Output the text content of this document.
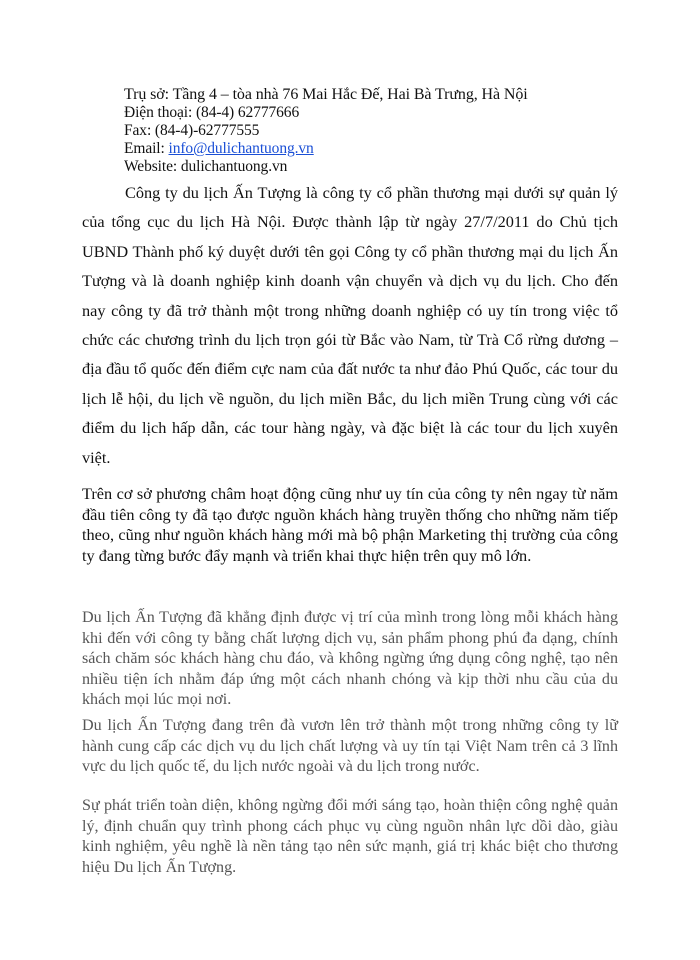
Trụ sở: Tầng 4 – tòa nhà 76 Mai Hắc Đế, Hai Bà Trưng, Hà Nội
Điện thoại: (84-4) 62777666
Fax: (84-4)-62777555
Email: info@dulichantuong.vn
Website: dulichantuong.vn

Công ty du lịch Ấn Tượng là công ty cổ phần thương mại dưới sự quản lý của tổng cục du lịch Hà Nội. Được thành lập từ ngày 27/7/2011 do Chủ tịch UBND Thành phố ký duyệt dưới tên gọi Công ty cổ phần thương mại du lịch Ấn Tượng và là doanh nghiệp kinh doanh vận chuyển và dịch vụ du lịch. Cho đến nay công ty đã trở thành một trong những doanh nghiệp có uy tín trong việc tổ chức các chương trình du lịch trọn gói từ Bắc vào Nam, từ Trà Cổ rừng dương – địa đầu tổ quốc đến điểm cực nam của đất nước ta như đảo Phú Quốc, các tour du lịch lễ hội, du lịch về nguồn, du lịch miền Bắc, du lịch miền Trung cùng với các điểm du lịch hấp dẫn, các tour hàng ngày, và đặc biệt là các tour du lịch xuyên việt.

Trên cơ sở phương châm hoạt động cũng như uy tín của công ty nên ngay từ năm đầu tiên công ty đã tạo được nguồn khách hàng truyền thống cho những năm tiếp theo, cũng như nguồn khách hàng mới mà bộ phận Marketing thị trường của công ty đang từng bước đẩy mạnh và triển khai thực hiện trên quy mô lớn.

Du lịch Ấn Tượng đã khẳng định được vị trí của mình trong lòng mỗi khách hàng khi đến với công ty bằng chất lượng dịch vụ, sản phẩm phong phú đa dạng, chính sách chăm sóc khách hàng chu đáo, và không ngừng ứng dụng công nghệ, tạo nên nhiều tiện ích nhằm đáp ứng một cách nhanh chóng và kịp thời nhu cầu của du khách mọi lúc mọi nơi.

Du lịch Ấn Tượng đang trên đà vươn lên trở thành một trong những công ty lữ hành cung cấp các dịch vụ du lịch chất lượng và uy tín tại Việt Nam trên cả 3 lĩnh vực du lịch quốc tế, du lịch nước ngoài và du lịch trong nước.

Sự phát triển toàn diện, không ngừng đổi mới sáng tạo, hoàn thiện công nghệ quản lý, định chuẩn quy trình phong cách phục vụ cùng nguồn nhân lực dồi dào, giàu kinh nghiệm, yêu nghề là nền tảng tạo nên sức mạnh, giá trị khác biệt cho thương hiệu Du lịch Ấn Tượng.
